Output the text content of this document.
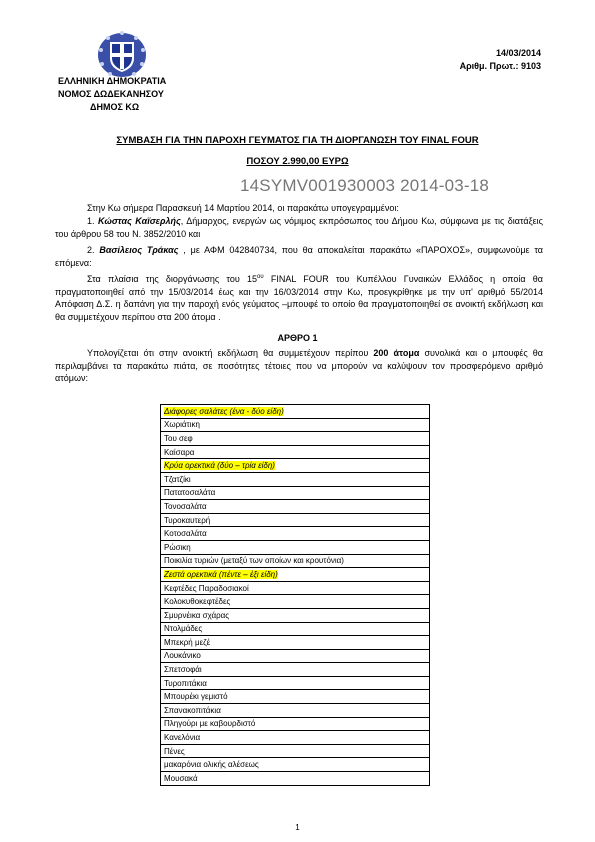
14/03/2014
Αριθμ. Πρωτ.: 9103
ΕΛΛΗΝΙΚΗ ΔΗΜΟΚΡΑΤΙΑ
ΝΟΜΟΣ ΔΩΔΕΚΑΝΗΣΟΥ
ΔΗΜΟΣ ΚΩ
ΣΥΜΒΑΣΗ ΓΙΑ ΤΗΝ ΠΑΡΟΧΗ ΓΕΥΜΑΤΟΣ ΓΙΑ ΤΗ ΔΙΟΡΓΑΝΩΣΗ ΤΟΥ FINAL FOUR
ΠΟΣΟΥ 2.990,00 ΕΥΡΩ
14SYMV001930003 2014-03-18
Στην Κω σήμερα Παρασκευή 14 Μαρτίου 2014, οι παρακάτω υπογεγραμμένοι:
1. Κώστας Καϊσερλής, Δήμαρχος, ενεργών ως νόμιμος εκπρόσωπος του Δήμου Κω, σύμφωνα με τις διατάξεις του άρθρου 58 του Ν. 3852/2010 και
2. Βασίλειος Τράκας , με ΑΦΜ 042840734, που θα αποκαλείται παρακάτω «ΠΑΡΟΧΟΣ», συμφωνούμε τα επόμενα:
Στα πλαίσια της διοργάνωσης του $15^{o\upsilon}$ FINAL FOUR του Κυπέλλου Γυναικών Ελλάδος η οποία θα πραγματοποιηθεί από την 15/03/2014 έως και την 16/03/2014 στην Κω, προεγκρίθηκε με την υπ' αριθμό 55/2014 Απόφαση Δ.Σ. η δαπάνη για την παροχή ενός γεύματος –μπουφέ το οποίο θα πραγματοποιηθεί σε ανοικτή εκδήλωση και θα συμμετέχουν περίπου στα 200 άτομα .
ΑΡΘΡΟ 1
Υπολογίζεται ότι στην ανοικτή εκδήλωση θα συμμετέχουν περίπου 200 άτομα συνολικά και ο μπουφές θα περιλαμβάνει τα παρακάτω πιάτα, σε ποσότητες τέτοιες που να μπορούν να καλύψουν τον προσφερόμενο αριθμό ατόμων:
Διάφορες σαλάτες (ένα - δύο είδη)
Χωριάτικη
Του σεφ
Καίσαρα
Κρύα ορεκτικά (δύο – τρία είδη)
Τζατζίκι
Πατατοσαλάτα
Τονοσαλάτα
Τυροκαυτερή
Κοτοσαλάτα
Ρώσικη
Ποικιλία τυριών (μεταξύ των οποίων και κρουτόνια)
Ζεστά ορεκτικά (πέντε – έξι είδη)
Κεφτέδες Παραδοσιακοί
Κολοκυθοκεφτέδες
Σμυρνέικα σχάρας
Ντολμάδες
Μπεκρή μεζέ
Λουκάνικο
Σπετσοφάι
Τυροπιτάκια
Μπουρέκι γεμιστό
Σπανακοπιτάκια
Πληγούρι με καβουρδιστό
Κανελόνια
Πένες
μακαρόνια ολικής αλέσεως
Μουσακά
1
